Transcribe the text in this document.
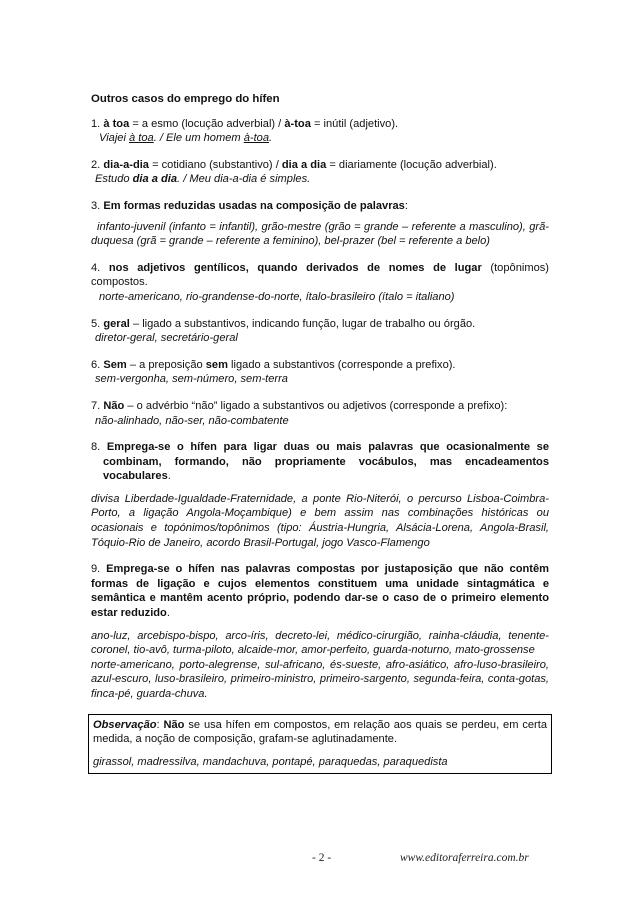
Outros casos do emprego do hífen
1. à toa = a esmo (locução adverbial) / à-toa = inútil (adjetivo).
Viajei à toa. / Ele um homem à-toa.
2. dia-a-dia = cotidiano (substantivo) / dia a dia = diariamente (locução adverbial).
Estudo dia a dia. / Meu dia-a-dia é simples.
3. Em formas reduzidas usadas na composição de palavras:
infanto-juvenil (infanto = infantil), grão-mestre (grão = grande – referente a masculino), grã-duquesa (grã = grande – referente a feminino), bel-prazer (bel = referente a belo)
4. nos adjetivos gentílicos, quando derivados de nomes de lugar (topônimos) compostos.
norte-americano, rio-grandense-do-norte, ítalo-brasileiro (ítalo = italiano)
5. geral – ligado a substantivos, indicando função, lugar de trabalho ou órgão.
diretor-geral, secretário-geral
6. Sem – a preposição sem ligado a substantivos (corresponde a prefixo).
sem-vergonha, sem-número, sem-terra
7. Não – o advérbio “não” ligado a substantivos ou adjetivos (corresponde a prefixo):
não-alinhado, não-ser, não-combatente
8. Emprega-se o hífen para ligar duas ou mais palavras que ocasionalmente se combinam, formando, não propriamente vocábulos, mas encadeamentos vocabulares.
divisa Liberdade-Igualdade-Fraternidade, a ponte Rio-Niterói, o percurso Lisboa-Coimbra-Porto, a ligação Angola-Moçambique) e bem assim nas combinações históricas ou ocasionais e topónimos/topônimos (tipo: Áustria-Hungria, Alsácia-Lorena, Angola-Brasil, Tóquio-Rio de Janeiro, acordo Brasil-Portugal, jogo Vasco-Flamengo
9. Emprega-se o hífen nas palavras compostas por justaposição que não contêm formas de ligação e cujos elementos constituem uma unidade sintagmática e semântica e mantêm acento próprio, podendo dar-se o caso de o primeiro elemento estar reduzido.
ano-luz, arcebispo-bispo, arco-íris, decreto-lei, médico-cirurgião, rainha-cláudia, tenente-coronel, tio-avô, turma-piloto, alcaide-mor, amor-perfeito, guarda-noturno, mato-grossense
norte-americano, porto-alegrense, sul-africano, és-sueste, afro-asiático, afro-luso-brasileiro, azul-escuro, luso-brasileiro, primeiro-ministro, primeiro-sargento, segunda-feira, conta-gotas, finca-pé, guarda-chuva.
Observação: Não se usa hífen em compostos, em relação aos quais se perdeu, em certa medida, a noção de composição, grafam-se aglutinadamente.
girassol, madressilva, mandachuva, pontapé, paraquedas, paraquedista
- 2 -	www.editoraferreira.com.br
